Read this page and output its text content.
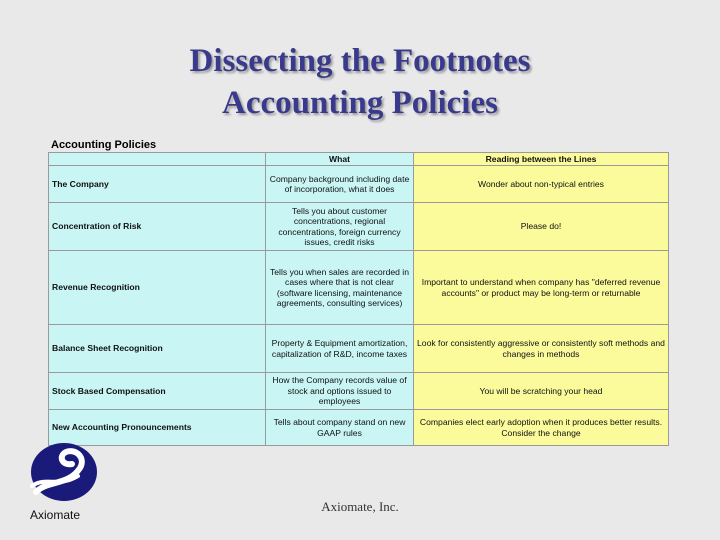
Dissecting the Footnotes
Accounting Policies
Accounting Policies
	What	Reading between the Lines
The Company	Company background including date of incorporation, what it does	Wonder about non-typical entries
Concentration of Risk	Tells you about customer concentrations, regional concentrations, foreign currency issues, credit risks	Please do!
Revenue Recognition	Tells you when sales are recorded in cases where that is not clear (software licensing, maintenance agreements, consulting services)	Important to understand when company has "deferred revenue accounts" or product may be long-term or returnable
Balance Sheet Recognition	Property & Equipment amortization, capitalization of R&D, income taxes	Look for consistently aggressive or consistently soft methods and changes in methods
Stock Based Compensation	How the Company records value of stock and options issued to employees	You will be scratching your head
New Accounting Pronouncements	Tells about company stand on new GAAP rules	Companies elect early adoption when it produces better results. Consider the change
Axiomate
Axiomate, Inc.
